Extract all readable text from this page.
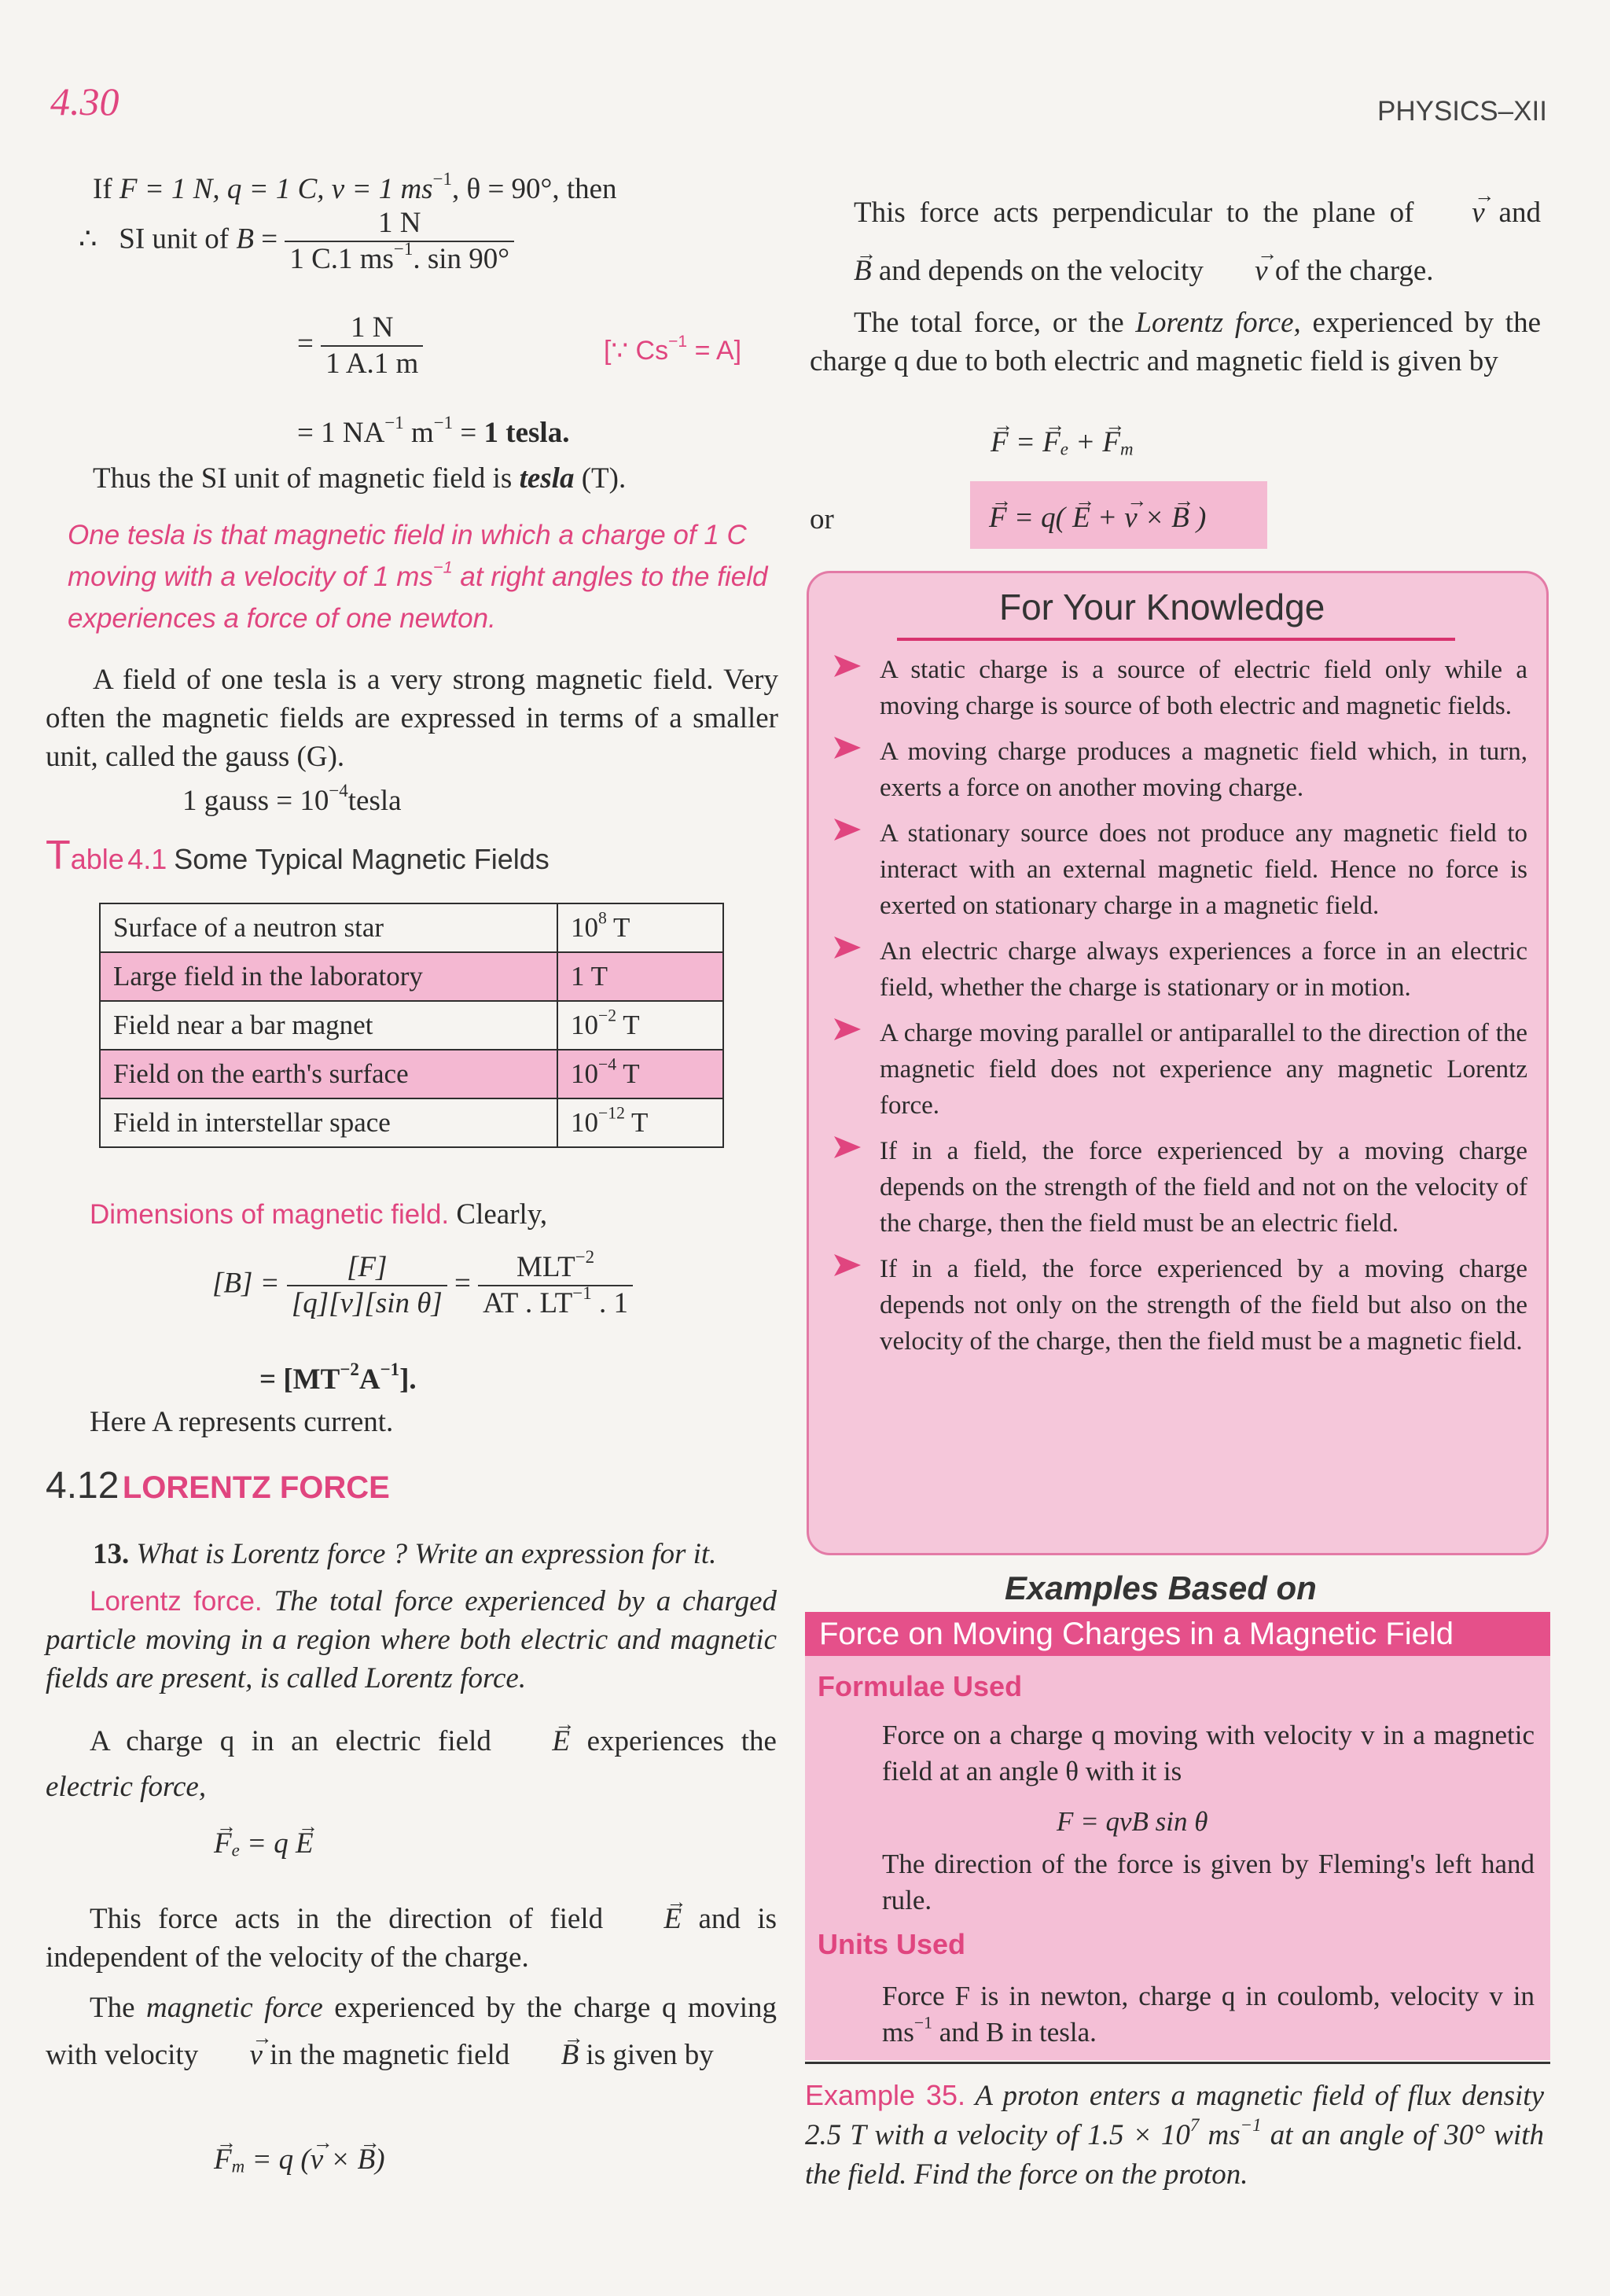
4.30	PHYSICS–XII
If F = 1 N, q = 1 C, v = 1 $ms^{-1}$, θ = 90°, then
∴ SI unit of $B = \frac{1 N}{1 C.1 ms^{-1}. \sin 90^\circ}$
= $\frac{1 N}{1 A.1 m}$	[∵ $Cs^{-1} = A$]
= 1 $NA^{-1}$ $m^{-1} = 1$ tesla.
Thus the SI unit of magnetic field is tesla (T).
One tesla is that magnetic field in which a charge of 1 C moving with a velocity of 1 $ms^{-1}$ at right angles to the field experiences a force of one newton.
A field of one tesla is a very strong magnetic field. Very often the magnetic fields are expressed in terms of a smaller unit, called the gauss (G).
1 gauss = $10^{-4}tesla$
Table 4.1 Some Typical Magnetic Fields
Surface of a neutron star	$10^8$ T
Large field in the laboratory	1 T
Field near a bar magnet	$10^{-2}$ T
Field on the earth's surface	$10^{-4}$ T
Field in interstellar space	$10^{-12}$ T
Dimensions of magnetic field. Clearly,
$[B] = \frac{[F]}{\text{[q][v][sin θ]}} = \frac{MLT^{-2}}{AT . LT^{-1} . 1}$
= $[MT^{-2}A^{-1}]$.
Here A represents current.
4.12 LORENTZ FORCE
13. What is Lorentz force ? Write an expression for it.
Lorentz force. The total force experienced by a charged particle moving in a region where both electric and magnetic fields are present, is called Lorentz force.
A charge q in an electric field → E experiences the electric force,
→ $F_e = q \to E$
This force acts in the direction of field → E and is independent of the velocity of the charge.
The magnetic force experienced by the charge q moving with velocity → v in the magnetic field → B is given by
→ $F_m = q$ (→ v × → B)
This force acts perpendicular to the plane of → v and → B and depends on the velocity → v of the charge.
The total force, or the Lorentz force, experienced by the charge q due to both electric and magnetic field is given by
→ F = → $F_e$ + → $F_m$
or	→ F = q( → E + → v × → B )
For Your Knowledge
A static charge is a source of electric field only while a moving charge is source of both electric and magnetic fields.
A moving charge produces a magnetic field which, in turn, exerts a force on another moving charge.
A stationary source does not produce any magnetic field to interact with an external magnetic field. Hence no force is exerted on stationary charge in a magnetic field.
An electric charge always experiences a force in an electric field, whether the charge is stationary or in motion.
A charge moving parallel or antiparallel to the direction of the magnetic field does not experience any magnetic Lorentz force.
If in a field, the force experienced by a moving charge depends on the strength of the field and not on the velocity of the charge, then the field must be an electric field.
If in a field, the force experienced by a moving charge depends not only on the strength of the field but also on the velocity of the charge, then the field must be a magnetic field.
Examples Based on
Force on Moving Charges in a Magnetic Field
Formulae Used
Force on a charge q moving with velocity v in a magnetic field at an angle θ with it is
F = qvB sin θ
The direction of the force is given by Fleming's left hand rule.
Units Used
Force F is in newton, charge q in coulomb, velocity v in $ms^{-1}$ and B in tesla.
Example 35. A proton enters a magnetic field of flux density 2.5 T with a velocity of $1.5 \times 10^7$ $ms^{-1}$ at an angle of 30° with the field. Find the force on the proton.
